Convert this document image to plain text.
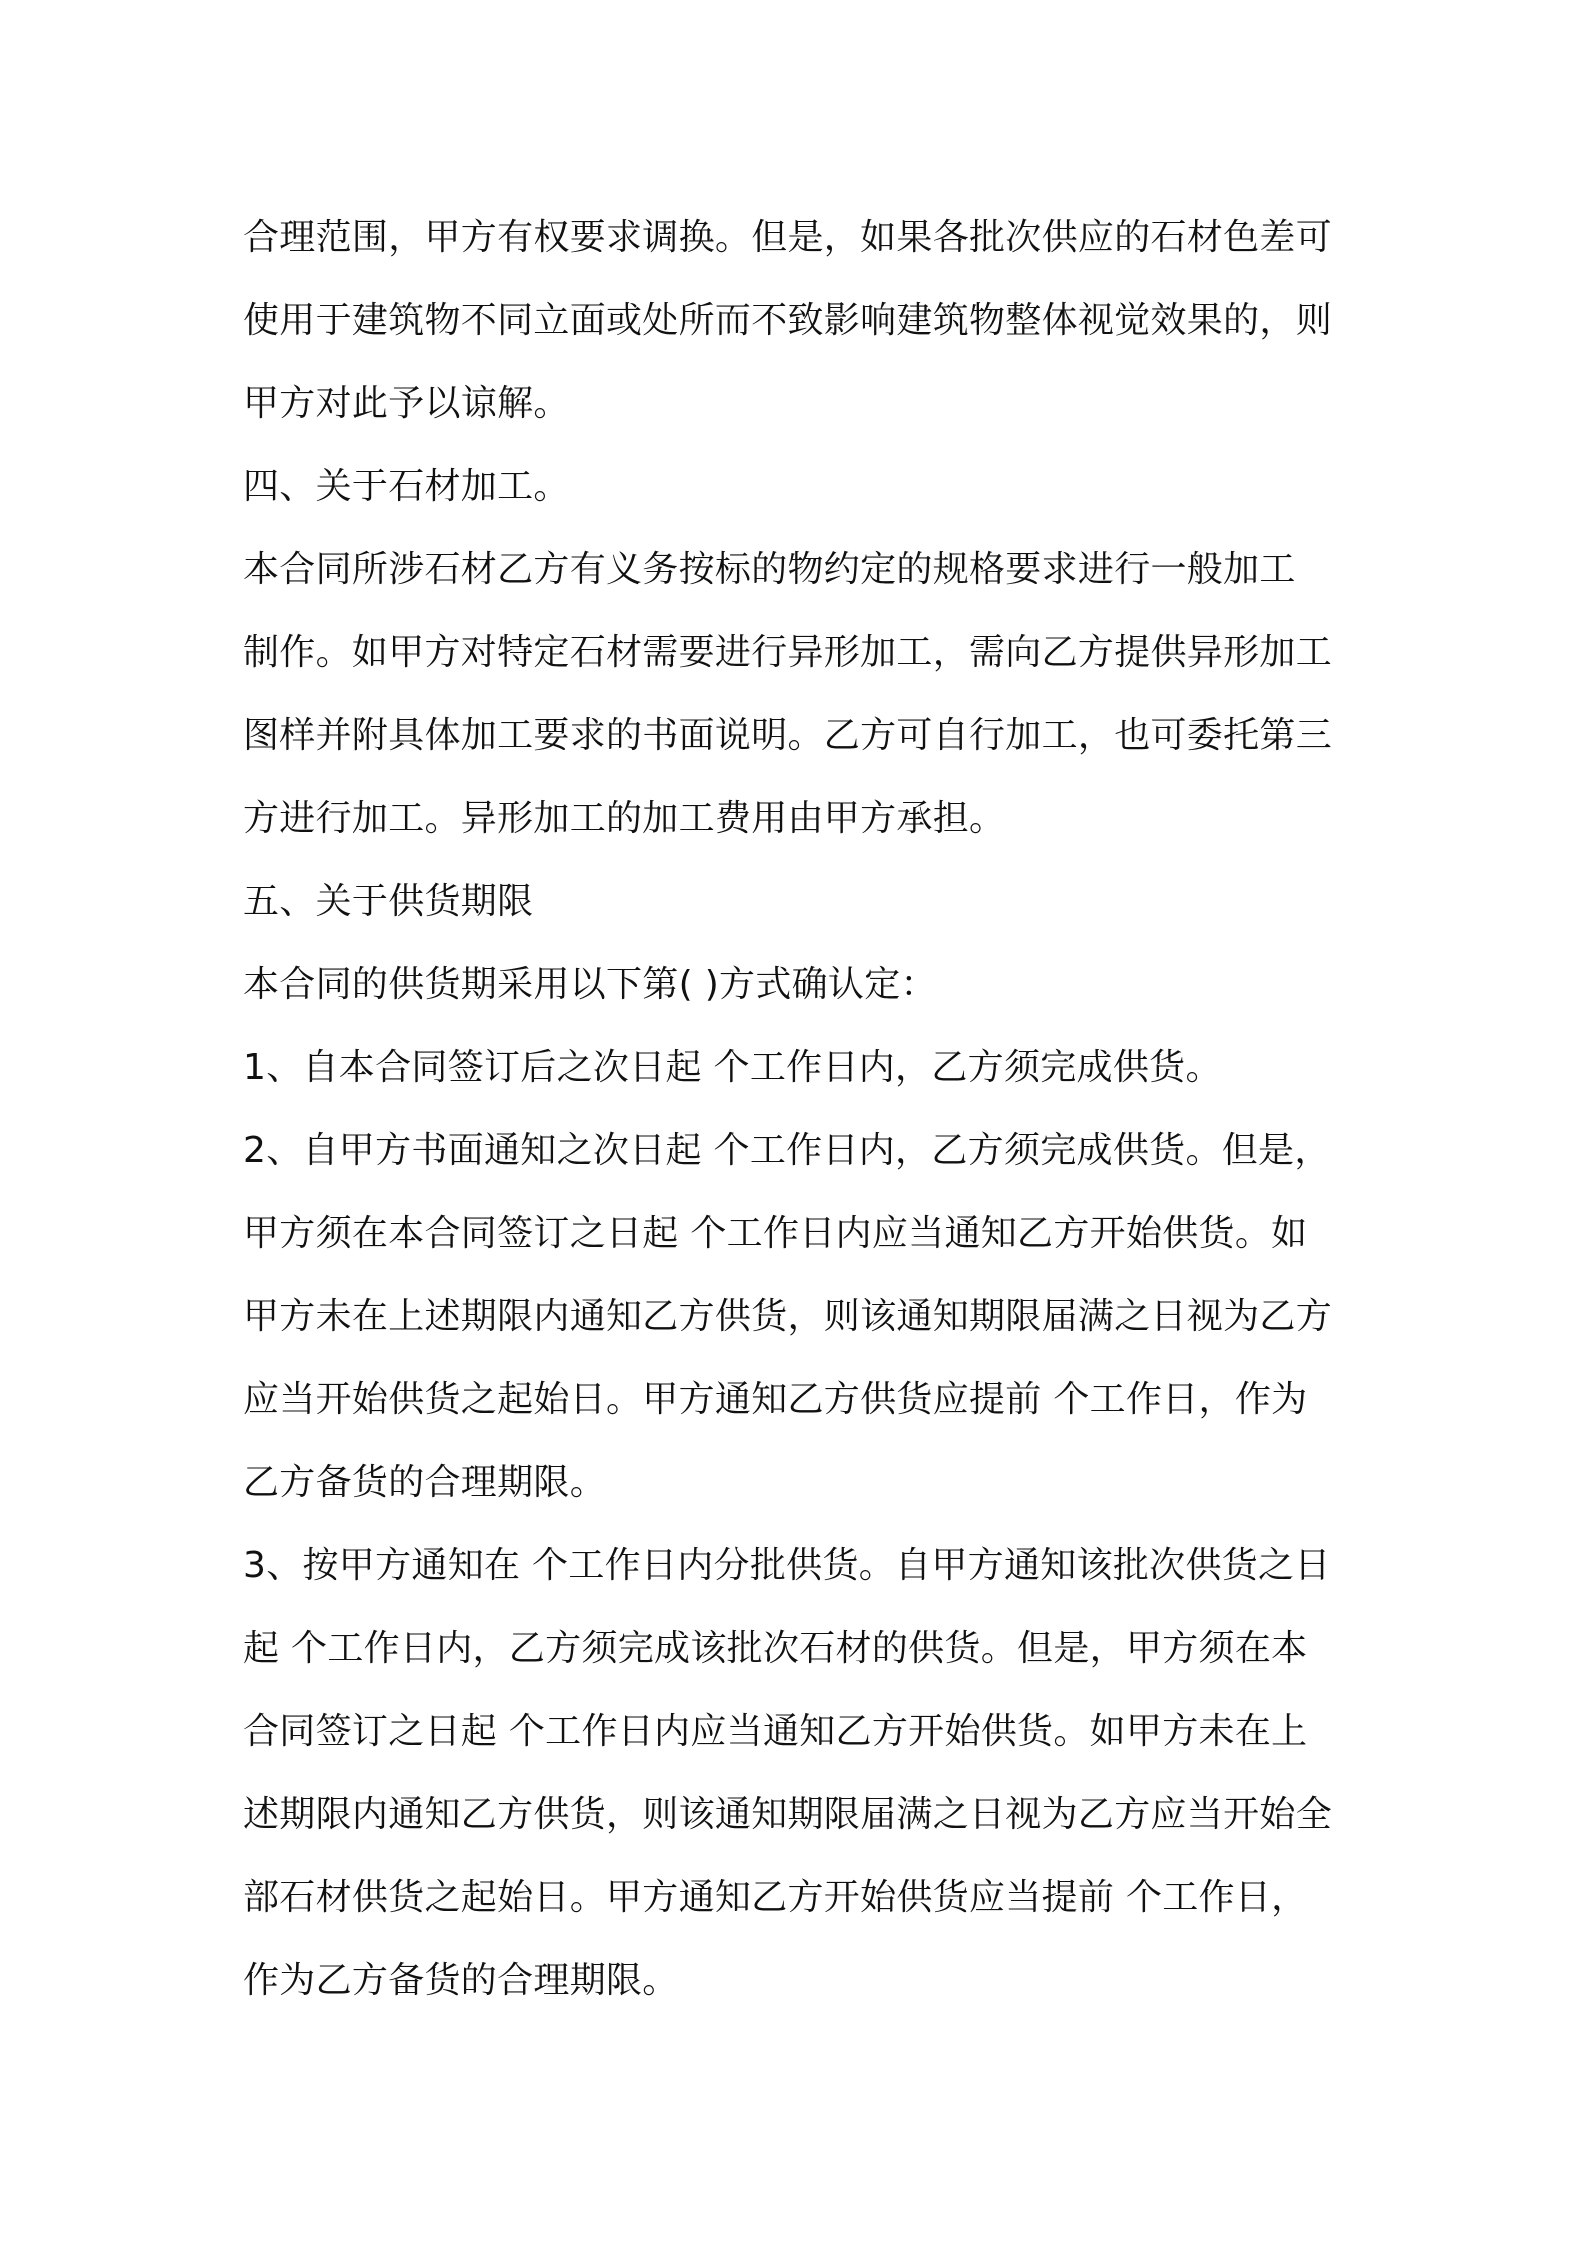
合理范围，甲方有权要求调换。但是，如果各批次供应的石材色差可

使用于建筑物不同立面或处所而不致影响建筑物整体视觉效果的，则

甲方对此予以谅解。

四、关于石材加工。

本合同所涉石材乙方有义务按标的物约定的规格要求进行一般加工

制作。如甲方对特定石材需要进行异形加工，需向乙方提供异形加工

图样并附具体加工要求的书面说明。乙方可自行加工，也可委托第三

方进行加工。异形加工的加工费用由甲方承担。

五、关于供货期限

本合同的供货期采用以下第( )方式确认定：

1、自本合同签订后之次日起 个工作日内，乙方须完成供货。

2、自甲方书面通知之次日起 个工作日内，乙方须完成供货。但是，

甲方须在本合同签订之日起 个工作日内应当通知乙方开始供货。如

甲方未在上述期限内通知乙方供货，则该通知期限届满之日视为乙方

应当开始供货之起始日。甲方通知乙方供货应提前 个工作日，作为

乙方备货的合理期限。

3、按甲方通知在 个工作日内分批供货。自甲方通知该批次供货之日

起 个工作日内，乙方须完成该批次石材的供货。但是，甲方须在本

合同签订之日起 个工作日内应当通知乙方开始供货。如甲方未在上

述期限内通知乙方供货，则该通知期限届满之日视为乙方应当开始全

部石材供货之起始日。甲方通知乙方开始供货应当提前 个工作日，

作为乙方备货的合理期限。
